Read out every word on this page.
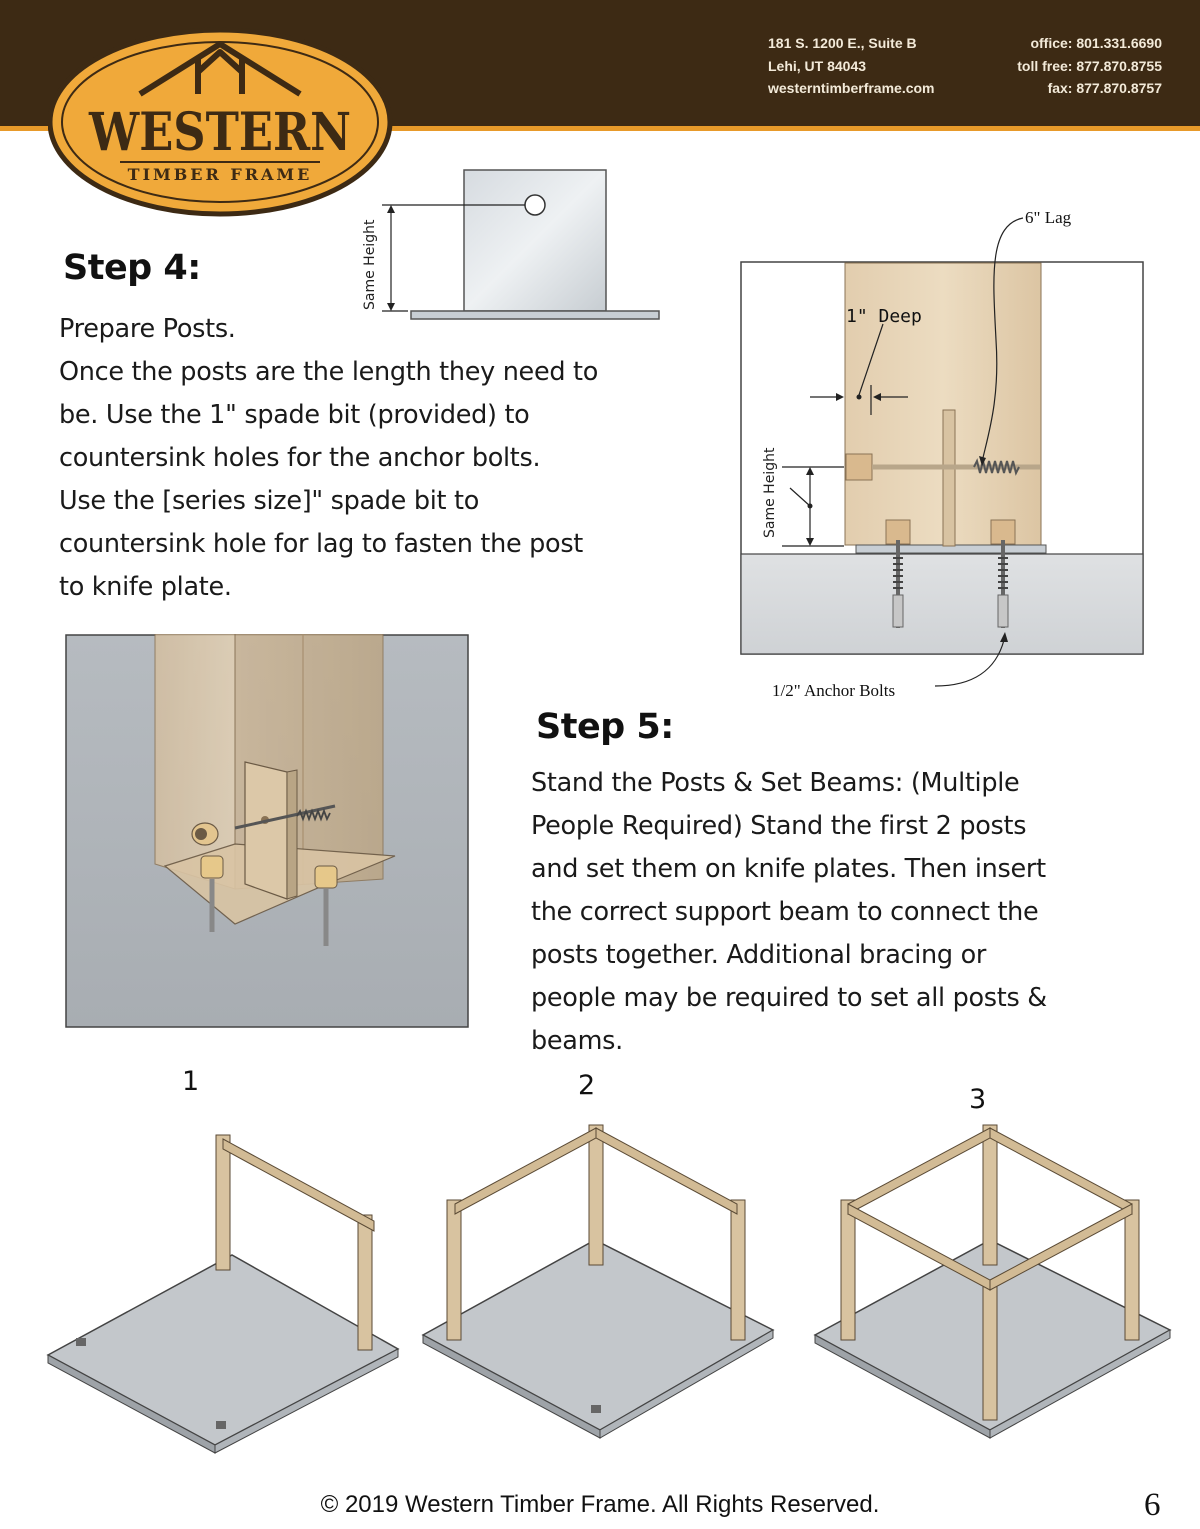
WESTERN
TIMBER FRAME
181 S. 1200 E., Suite B
Lehi, UT 84043
westerntimberframe.com
office: 801.331.6690
toll free: 877.870.8755
fax: 877.870.8757
Step 4:

Prepare Posts.

Once the posts are the length they need to

be. Use the 1" spade bit (provided) to

countersink holes for the anchor bolts.

Use the [series size]" spade bit to

countersink hole for lag to fasten the post

to knife plate.

Same Height
1" Deep
Same Height
6" Lag
1/2" Anchor Bolts
Step 5:

Stand the Posts & Set Beams: (Multiple

People Required) Stand the first 2 posts

and set them on knife plates. Then insert

the correct support beam to connect the

posts together. Additional bracing or

people may be required to set all posts &

beams.

1	2	3
© 2019 Western Timber Frame. All Rights Reserved.	6
